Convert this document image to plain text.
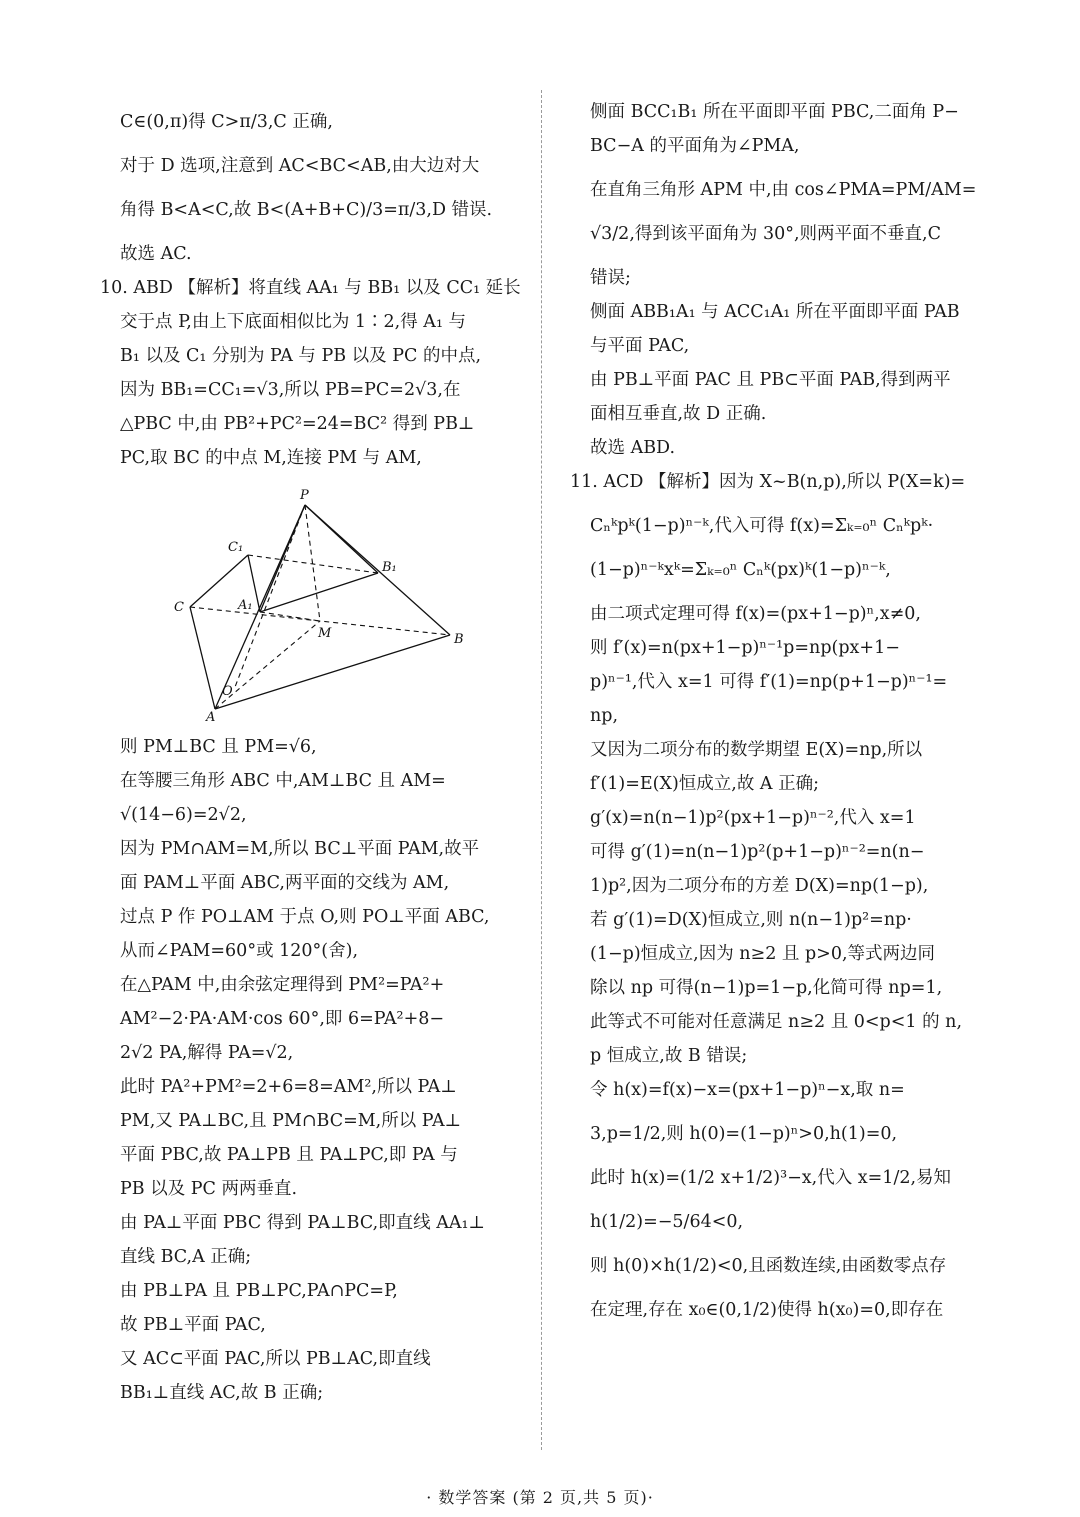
C∈(0,π)得 C>π/3,C 正确,

对于 D 选项,注意到 AC<BC<AB,由大边对大

角得 B<A<C,故 B<(A+B+C)/3=π/3,D 错误.

故选 AC.

10. ABD 【解析】将直线 AA₁ 与 BB₁ 以及 CC₁ 延长

交于点 P,由上下底面相似比为 1∶2,得 A₁ 与

B₁ 以及 C₁ 分别为 PA 与 PB 以及 PC 的中点,

因为 BB₁=CC₁=√3,所以 PB=PC=2√3,在

△PBC 中,由 PB²+PC²=24=BC² 得到 PB⊥

PC,取 BC 的中点 M,连接 PM 与 AM,

P
C₁
B₁
C	A₁
M	B
O
A

则 PM⊥BC 且 PM=√6,

在等腰三角形 ABC 中,AM⊥BC 且 AM=

√(14−6)=2√2,

因为 PM∩AM=M,所以 BC⊥平面 PAM,故平

面 PAM⊥平面 ABC,两平面的交线为 AM,

过点 P 作 PO⊥AM 于点 O,则 PO⊥平面 ABC,

从而∠PAM=60°或 120°(舍),

在△PAM 中,由余弦定理得到 PM²=PA²+

AM²−2·PA·AM·cos 60°,即 6=PA²+8−

2√2 PA,解得 PA=√2,

此时 PA²+PM²=2+6=8=AM²,所以 PA⊥

PM,又 PA⊥BC,且 PM∩BC=M,所以 PA⊥

平面 PBC,故 PA⊥PB 且 PA⊥PC,即 PA 与

PB 以及 PC 两两垂直.

由 PA⊥平面 PBC 得到 PA⊥BC,即直线 AA₁⊥

直线 BC,A 正确;

由 PB⊥PA 且 PB⊥PC,PA∩PC=P,

故 PB⊥平面 PAC,

又 AC⊂平面 PAC,所以 PB⊥AC,即直线

BB₁⊥直线 AC,故 B 正确;

侧面 BCC₁B₁ 所在平面即平面 PBC,二面角 P−

BC−A 的平面角为∠PMA,

在直角三角形 APM 中,由 cos∠PMA=PM/AM=

√3/2,得到该平面角为 30°,则两平面不垂直,C

错误;

侧面 ABB₁A₁ 与 ACC₁A₁ 所在平面即平面 PAB

与平面 PAC,

由 PB⊥平面 PAC 且 PB⊂平面 PAB,得到两平

面相互垂直,故 D 正确.

故选 ABD.

11. ACD 【解析】因为 X~B(n,p),所以 P(X=k)=

Cₙᵏpᵏ(1−p)ⁿ⁻ᵏ,代入可得 f(x)=Σₖ₌₀ⁿ Cₙᵏpᵏ·

(1−p)ⁿ⁻ᵏxᵏ=Σₖ₌₀ⁿ Cₙᵏ(px)ᵏ(1−p)ⁿ⁻ᵏ,

由二项式定理可得 f(x)=(px+1−p)ⁿ,x≠0,

则 f′(x)=n(px+1−p)ⁿ⁻¹p=np(px+1−

p)ⁿ⁻¹,代入 x=1 可得 f′(1)=np(p+1−p)ⁿ⁻¹=

np,

又因为二项分布的数学期望 E(X)=np,所以

f′(1)=E(X)恒成立,故 A 正确;

g′(x)=n(n−1)p²(px+1−p)ⁿ⁻²,代入 x=1

可得 g′(1)=n(n−1)p²(p+1−p)ⁿ⁻²=n(n−

1)p²,因为二项分布的方差 D(X)=np(1−p),

若 g′(1)=D(X)恒成立,则 n(n−1)p²=np·

(1−p)恒成立,因为 n≥2 且 p>0,等式两边同

除以 np 可得(n−1)p=1−p,化简可得 np=1,

此等式不可能对任意满足 n≥2 且 0<p<1 的 n,

p 恒成立,故 B 错误;

令 h(x)=f(x)−x=(px+1−p)ⁿ−x,取 n=

3,p=1/2,则 h(0)=(1−p)ⁿ>0,h(1)=0,

此时 h(x)=(1/2 x+1/2)³−x,代入 x=1/2,易知

h(1/2)=−5/64<0,

则 h(0)×h(1/2)<0,且函数连续,由函数零点存

在定理,存在 x₀∈(0,1/2)使得 h(x₀)=0,即存在

· 数学答案 (第 2 页,共 5 页)·
